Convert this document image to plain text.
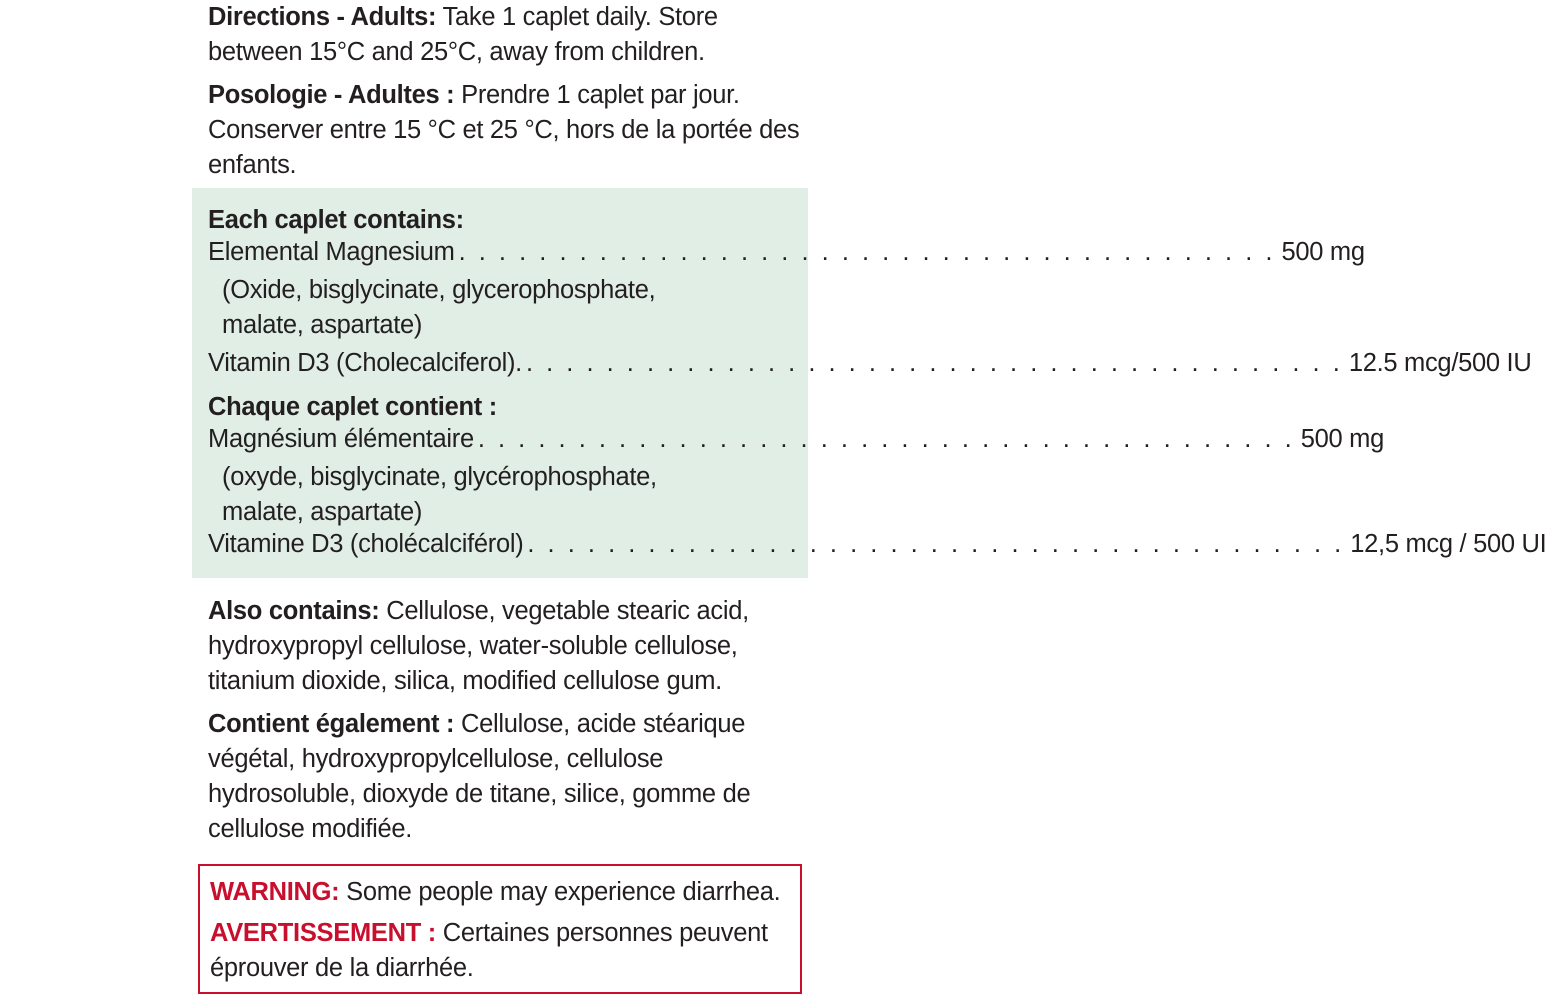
Directions - Adults: Take 1 caplet daily. Store between 15°C and 25°C, away from children.

Posologie - Adultes : Prendre 1 caplet par jour. Conserver entre 15 °C et 25 °C, hors de la portée des enfants.

Each caplet contains:
Elemental Magnesium . . . . . . . . . . . . . . . . . . . . . . . . . . . . . . . . . . . . . . . . . 500 mg
(Oxide, bisglycinate, glycerophosphate,
malate, aspartate)
Vitamin D3 (Cholecalciferol). . . . . . . . . . . . . . . . . . . . . . . . . . . . . . . . . . . . . . . . . . 12.5 mcg/500 IU
Chaque caplet contient :
Magnésium élémentaire . . . . . . . . . . . . . . . . . . . . . . . . . . . . . . . . . . . . . . . . . 500 mg
(oxyde, bisglycinate, glycérophosphate,
malate, aspartate)
Vitamine D3 (cholécalciférol) . . . . . . . . . . . . . . . . . . . . . . . . . . . . . . . . . . . . . . . . . 12,5 mcg / 500 UI

Also contains: Cellulose, vegetable stearic acid, hydroxypropyl cellulose, water-soluble cellulose, titanium dioxide, silica, modified cellulose gum.

Contient également : Cellulose, acide stéarique végétal, hydroxypropylcellulose, cellulose hydrosoluble, dioxyde de titane, silice, gomme de cellulose modifiée.

WARNING: Some people may experience diarrhea.

AVERTISSEMENT : Certaines personnes peuvent éprouver de la diarrhée.
